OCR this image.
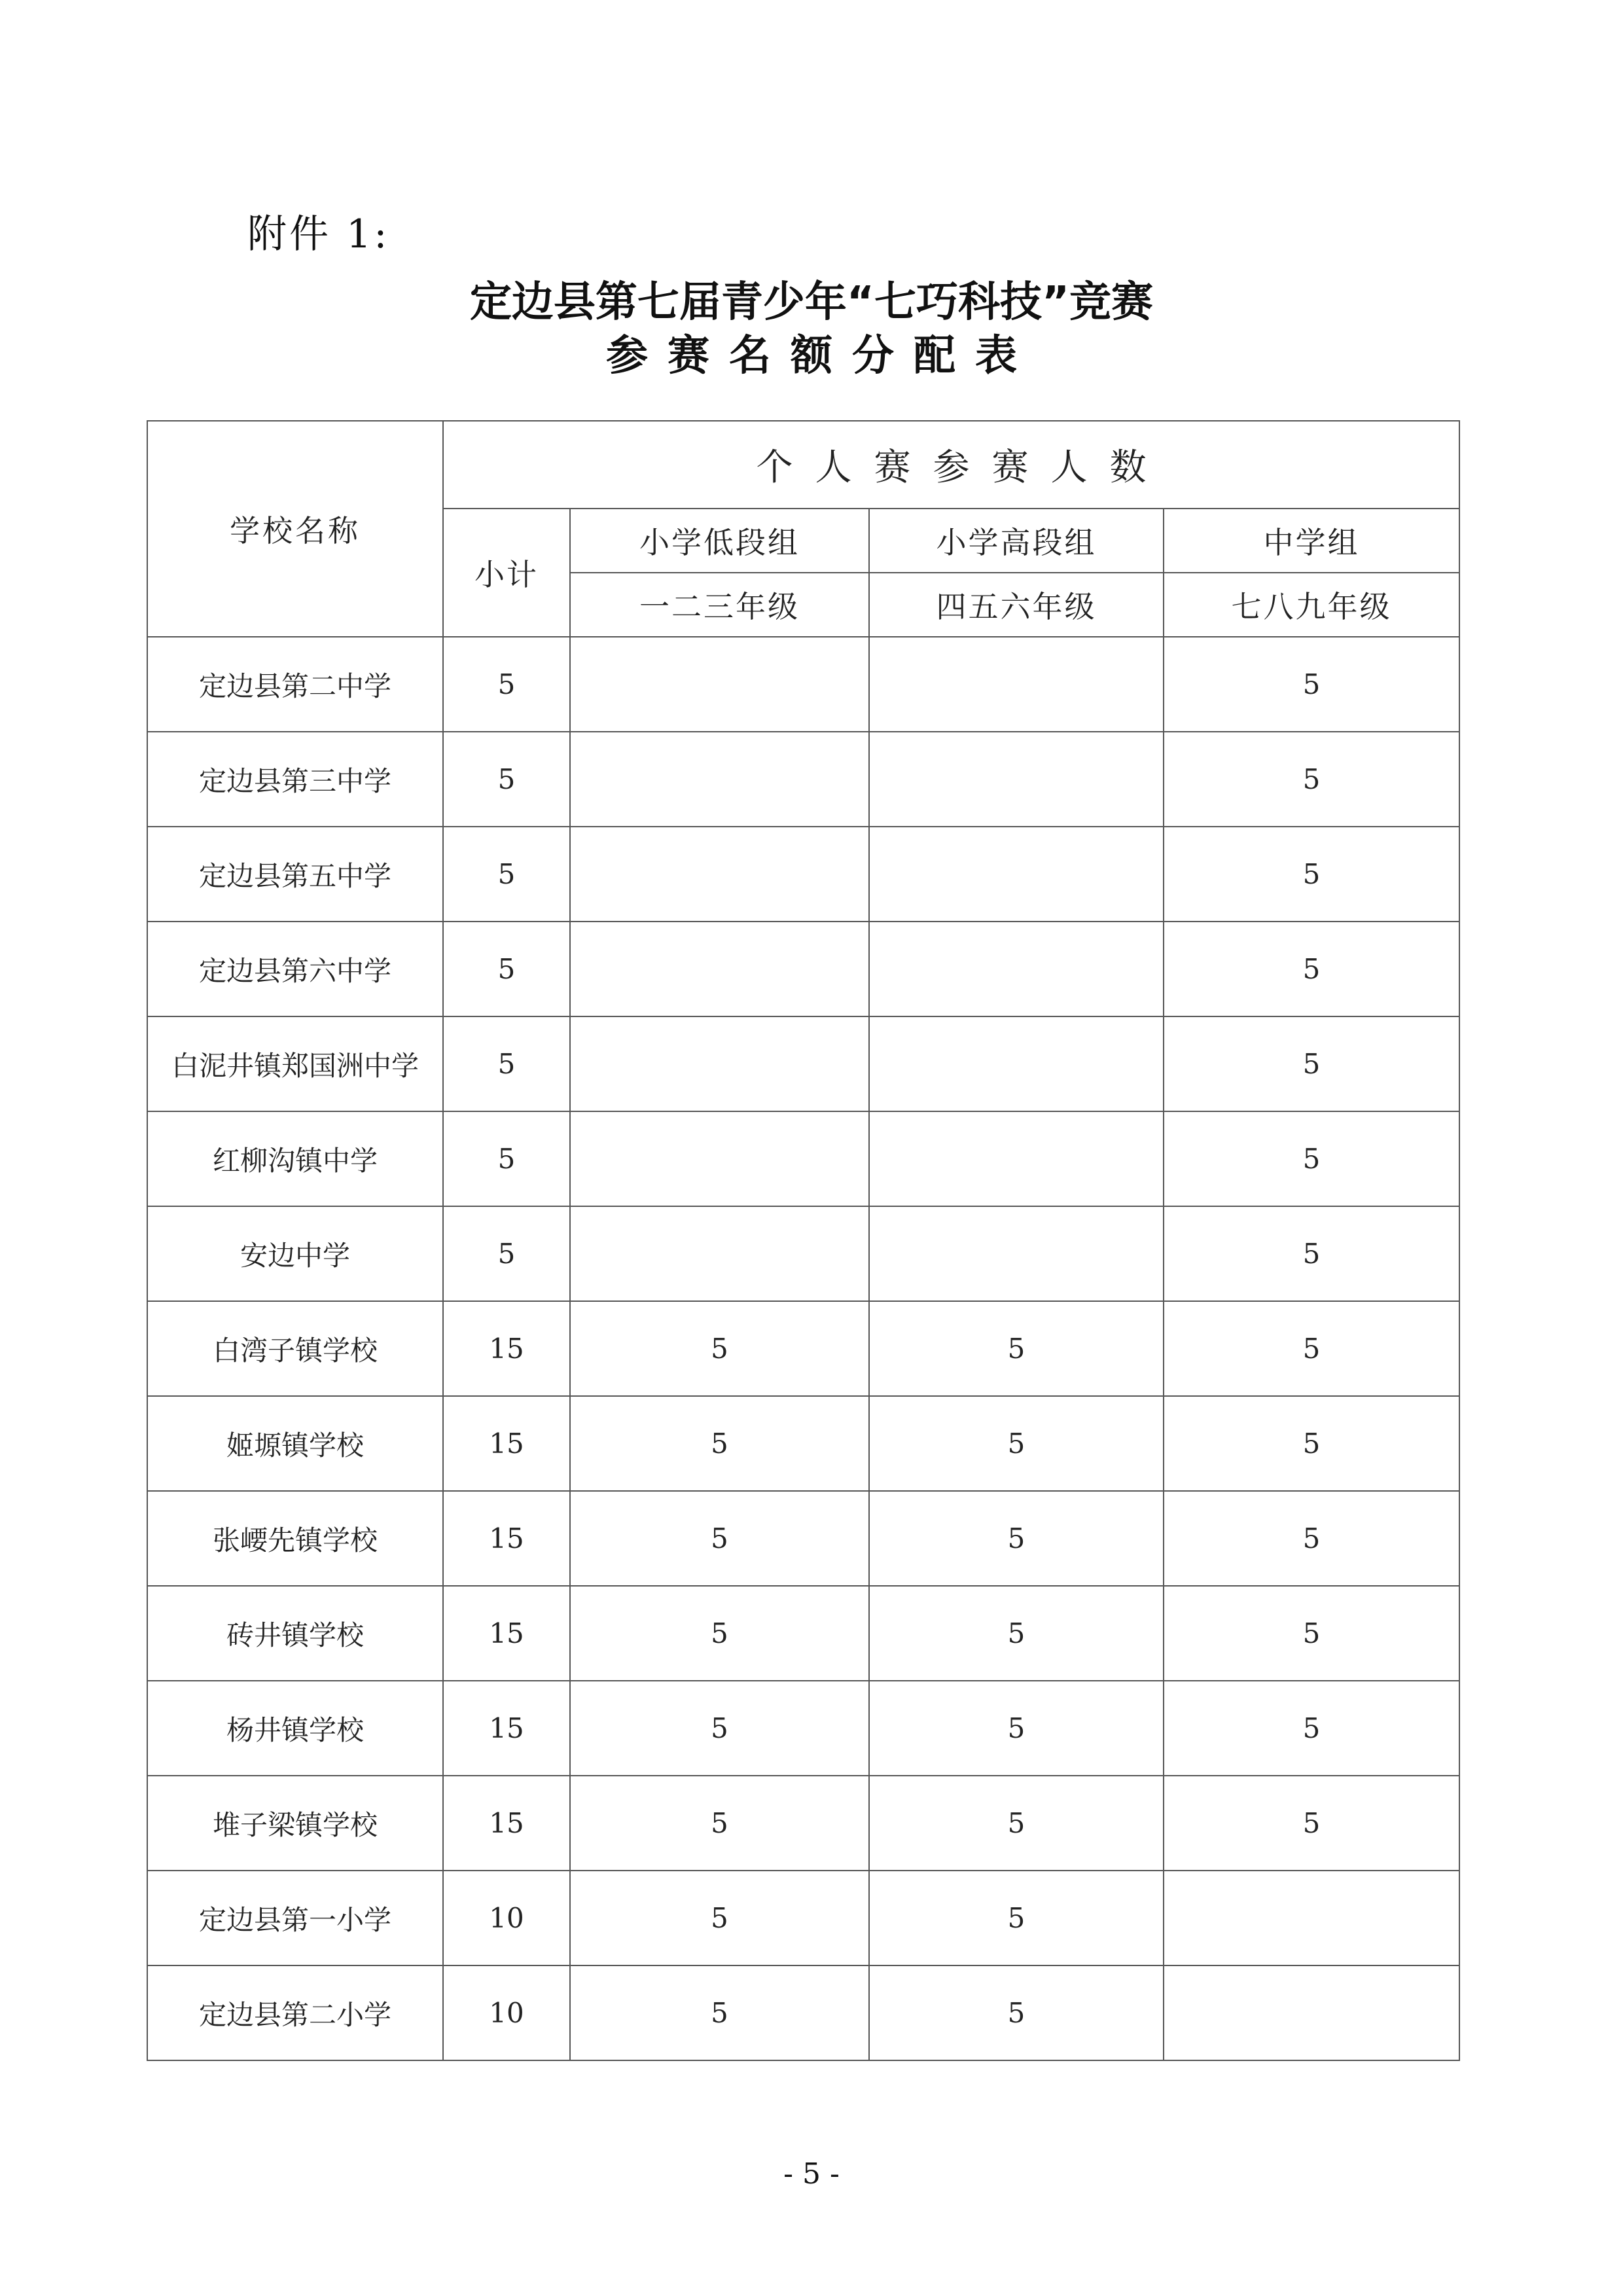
附件 1:
定边县第七届青少年“七巧科技”竞赛
参赛名额分配表
学校名称	个人赛参赛人数			
	小计	小学低段组	小学高段组	中学组
		一二三年级	四五六年级	七八九年级
定边县第二中学	5			5
定边县第三中学	5			5
定边县第五中学	5			5
定边县第六中学	5			5
白泥井镇郑国洲中学	5			5
红柳沟镇中学	5			5
安边中学	5			5
白湾子镇学校	15	5	5	5
姬塬镇学校	15	5	5	5
张崾先镇学校	15	5	5	5
砖井镇学校	15	5	5	5
杨井镇学校	15	5	5	5
堆子梁镇学校	15	5	5	5
定边县第一小学	10	5	5	
定边县第二小学	10	5	5	
- 5 -
